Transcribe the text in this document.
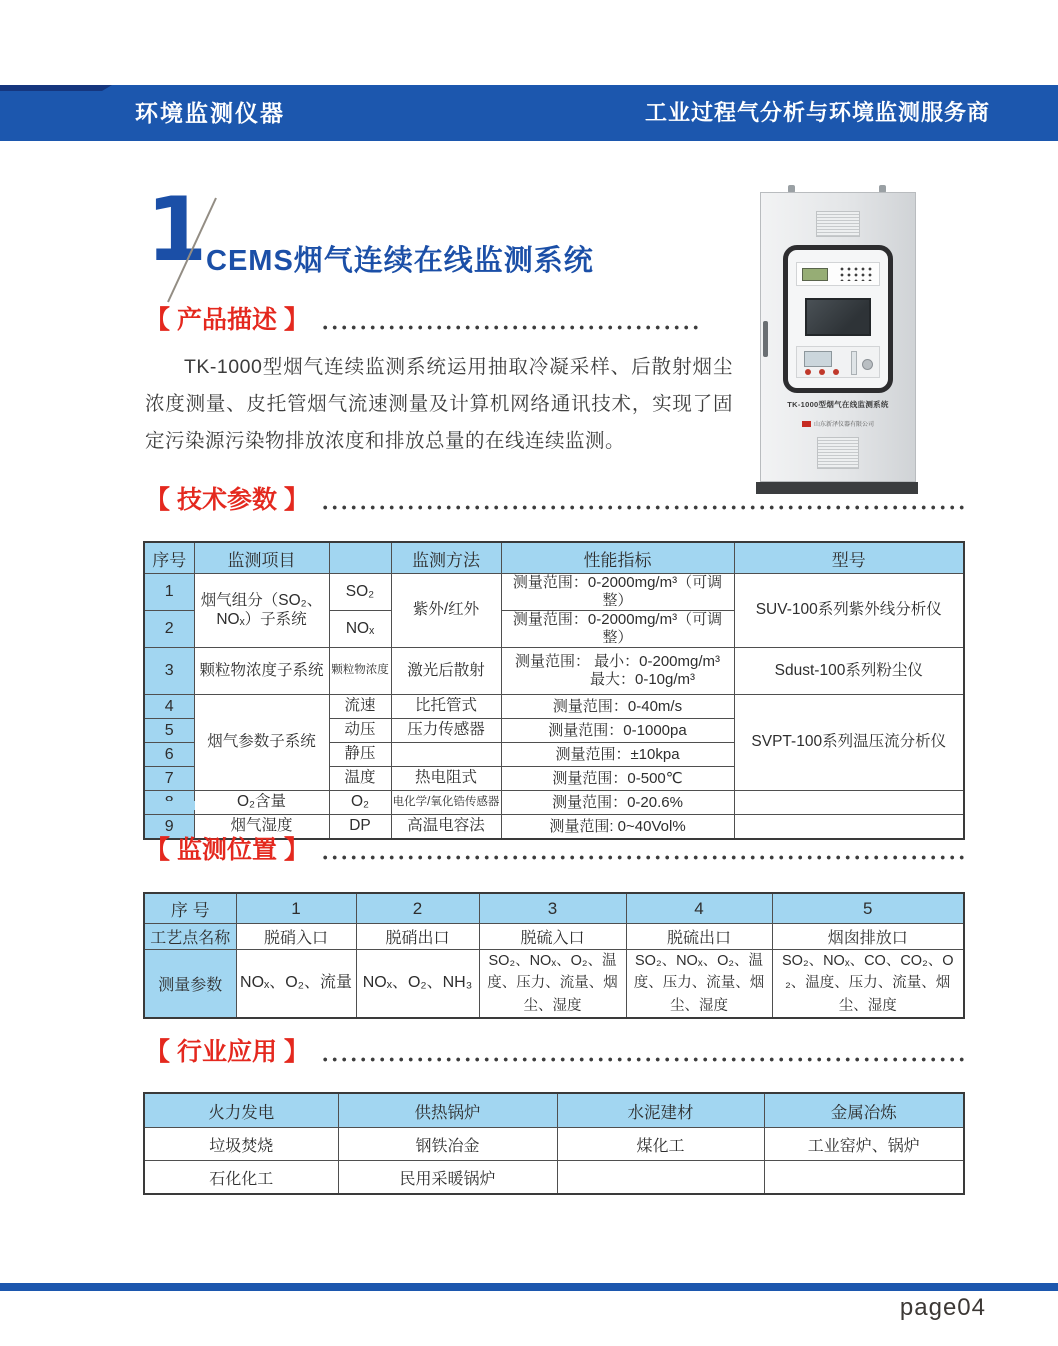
环境监测仪器	工业过程气分析与环境监测服务商
1
CEMS烟气连续在线监测系统
【 产品描述 】

TK-1000型烟气连续监测系统运用抽取冷凝采样、后散射烟尘浓度测量、皮托管烟气流速测量及计算机网络通讯技术，实现了固定污染源污染物排放浓度和排放总量的在线连续监测。

TK-1000型烟气在线监测系统
山东新泽仪器有限公司
【 技术参数 】
序号	监测项目		监测方法	性能指标	型号
1	烟气组分（SO₂、NOₓ）子系统	SO₂	紫外/红外	测量范围：0-2000mg/m³（可调整）	SUV-100系列紫外线分析仪
2		NOₓ		测量范围：0-2000mg/m³（可调整）	
3	颗粒物浓度子系统	颗粒物浓度	激光后散射	测量范围： 最小：0-200mg/m³
最大：0-10g/m³	Sdust-100系列粉尘仪
4	烟气参数子系统	流速	比托管式	测量范围：0-40m/s	SVPT-100系列温压流分析仪
5		动压	压力传感器	测量范围：0-1000pa	
6		静压		测量范围：±10kpa	
7		温度	热电阻式	测量范围：0-500℃	
	O₂含量	O₂	电化学/氧化锆传感器	测量范围：0-20.6%	
9	烟气湿度	DP	高温电容法	测量范围: 0~40Vol%	
【 监测位置 】
序 号	1	2	3	4	5
工艺点名称	脱硝入口	脱硝出口	脱硫入口	脱硫出口	烟囱排放口
测量参数	NOₓ、O₂、流量	NOₓ、O₂、NH₃	SO₂、NOₓ、O₂、温度、压力、流量、烟尘、湿度	SO₂、NOₓ、O₂、温度、压力、流量、烟尘、湿度	SO₂、NOₓ、CO、CO₂、O₂、温度、压力、流量、烟尘、湿度
【 行业应用 】
火力发电	供热锅炉	水泥建材	金属冶炼
垃圾焚烧	钢铁冶金	煤化工	工业窑炉、锅炉
石化化工	民用采暖锅炉		
page04
